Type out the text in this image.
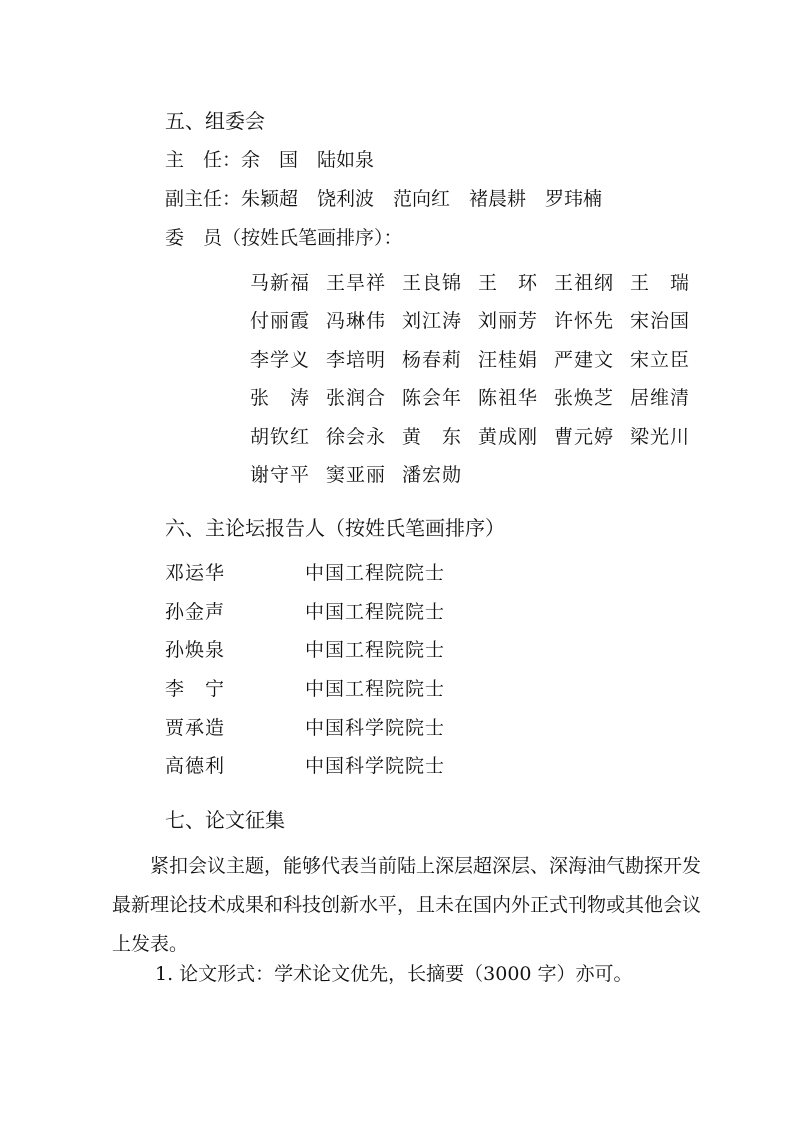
五、组委会
主　任：余　国　陆如泉
副主任：朱颖超　饶利波　范向红　褚晨耕　罗玮楠
委　员（按姓氏笔画排序）：
马新福 王旱祥 王良锦 王　环 王祖纲 王　瑞
付丽霞 冯琳伟 刘江涛 刘丽芳 许怀先 宋治国
李学义 李培明 杨春莉 汪桂娟 严建文 宋立臣
张　涛 张润合 陈会年 陈祖华 张焕芝 居维清
胡钦红 徐会永 黄　东 黄成刚 曹元婷 梁光川
谢守平 窦亚丽 潘宏勋
六、主论坛报告人（按姓氏笔画排序）
邓运华	中国工程院院士
孙金声	中国工程院院士
孙焕泉	中国工程院院士
李　宁	中国工程院院士
贾承造	中国科学院院士
高德利	中国科学院院士
七、论文征集
紧扣会议主题，能够代表当前陆上深层超深层、深海油气勘探开发最新理论技术成果和科技创新水平，且未在国内外正式刊物或其他会议上发表。
1. 论文形式：学术论文优先，长摘要（3000 字）亦可。
